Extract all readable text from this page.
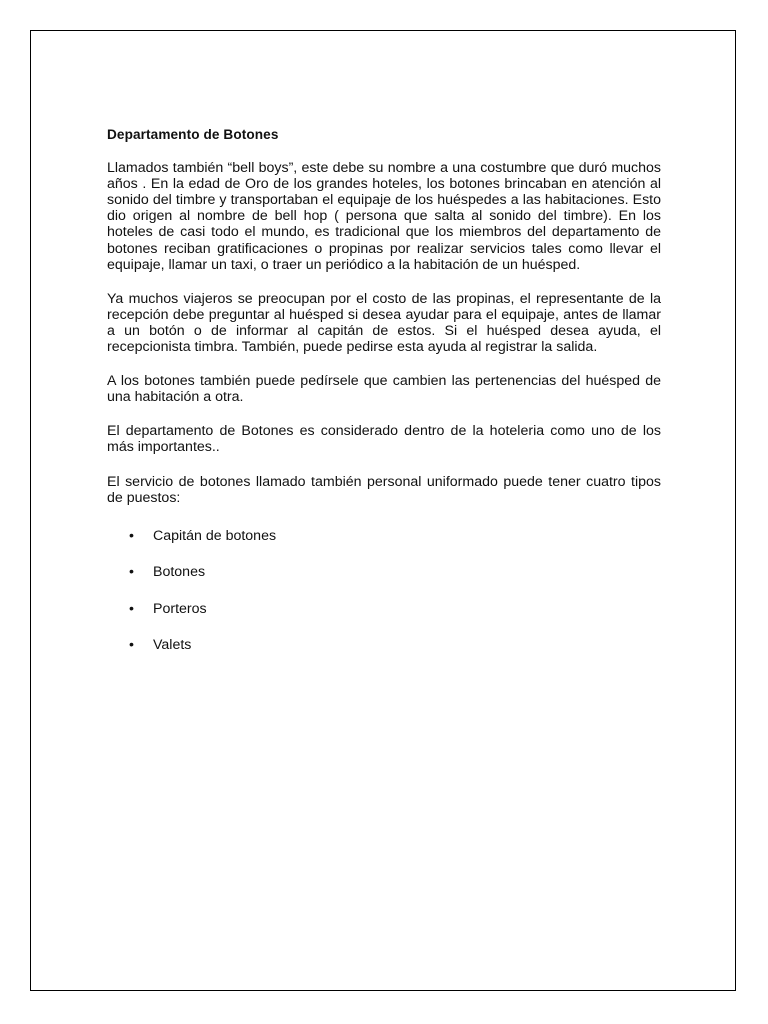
Departamento de Botones

Llamados también “bell boys”, este debe su nombre a una costumbre que duró muchos años . En la edad de Oro de los grandes hoteles, los botones brincaban en atención al sonido del timbre y transportaban el equipaje de los huéspedes a las habitaciones. Esto dio origen al nombre de bell hop ( persona que salta al sonido del timbre). En los hoteles de casi todo el mundo, es tradicional que los miembros del departamento de botones reciban gratificaciones o propinas por realizar servicios tales como llevar el equipaje, llamar un taxi, o traer un periódico a la habitación de un huésped.

Ya muchos viajeros se preocupan por el costo de las propinas, el representante de la recepción debe preguntar al huésped si desea ayudar para el equipaje, antes de llamar a un botón o de informar al capitán de estos. Si el huésped desea ayuda, el recepcionista timbra. También, puede pedirse esta ayuda al registrar la salida.

A los botones también puede pedírsele que cambien las pertenencias del huésped de una habitación a otra.

El departamento de Botones es considerado dentro de la hoteleria como uno de los más importantes..

El servicio de botones llamado también personal uniformado puede tener cuatro tipos de puestos:

• Capitán de botones
• Botones
• Porteros
• Valets
